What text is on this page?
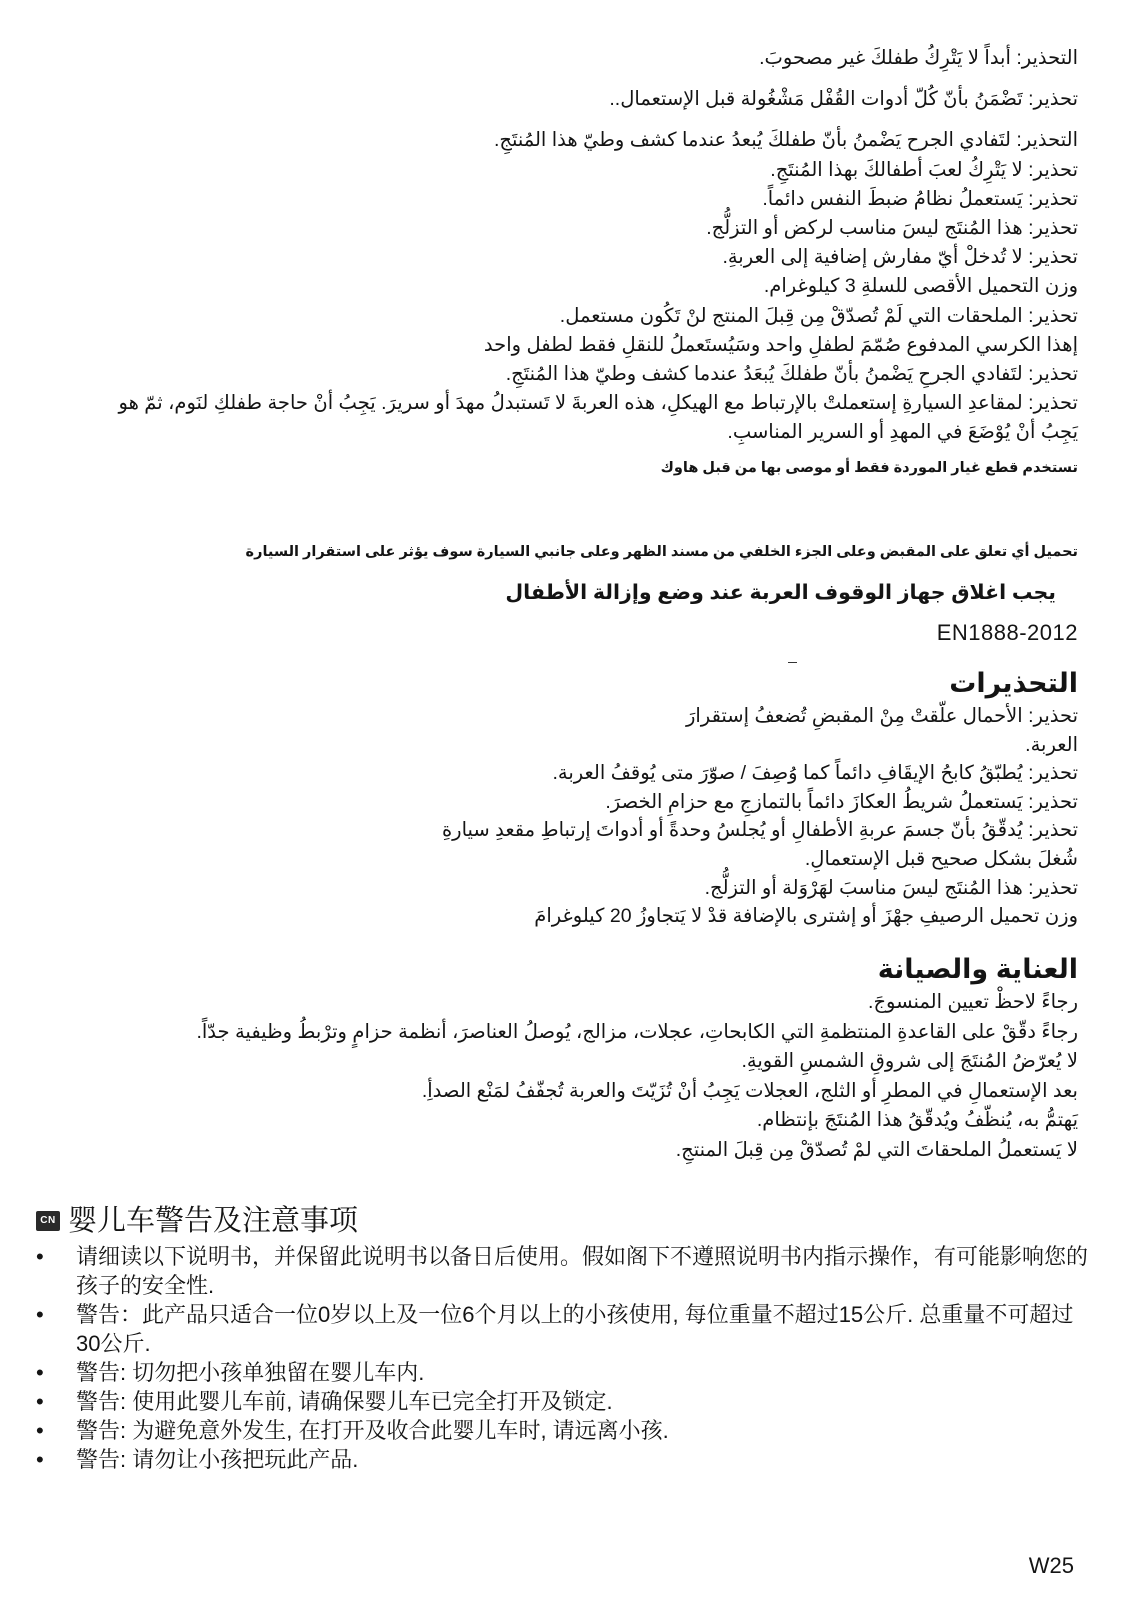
التحذير: أبداً لا يَتْرِكُ طفلكَ غير مصحوبَ.
تحذير: تَضْمَنُ بأنّ كُلّ أدوات القُفْل مَشْغُولة قبل الإستعمال..
التحذير: لتَفادي الجرح يَضْمنُ بأنّ طفلكَ يُبعدُ عندما كشف وطيّ هذا المُنتَجِ.
تحذير: لا يَتْرِكُ لعبَ أطفالكَ بهذا المُنتَجِ.
تحذير: يَستعملُ نظامُ ضبطَ النفس دائماً.
تحذير: هذا المُنتَج ليسَ مناسب لركض أو التزلُّج.
تحذير: لا تُدخلْ أيّ مفارش إضافية إلى العربةِ.
وزن التحميل الأقصى للسلةِ 3 كيلوغرام.
تحذير: الملحقات التي لَمْ تُصدّقْ مِن قِبلَ المنتج لنْ تَكُون مستعمل.
إهذا الكرسي المدفوع صُمّمَ لطفلِ واحد وسَيُستَعملُ للنقلِ فقط لطفل واحد
تحذير: لتَفادي الجرحِ يَضْمنُ بأنّ طفلكَ يُبعَدُ عندما كشف وطيّ هذا المُنتَجِ.
تحذير: لمقاعدِ السيارةِ إستعملتْ بالإرتباط مع الهيكلِ، هذه العربةَ لا تَستبدلُ مهدَ أو سريرَ. يَجِبُ أنْ حاجة طفلكِ لنَوم، ثمّ هو
يَجِبُ أنْ يُوْضَعَ في المهدِ أو السرير المناسبِ.
تستخدم قطع غيار الموردة فقط أو موصى بها من قبل هاوك
تحميل أي تعلق على المقبض وعلى الجزء الخلفي من مسند الظهر وعلى جانبي السيارة سوف يؤثر على استقرار السيارة
يجب اغلاق جهاز الوقوف العربة عند وضع وإزالة الأطفال
EN1888-2012
التحذيرات
تحذير: الأحمال علّقتْ مِنْ المقبضِ تُضعفُ إستقرارَ
العربة.
تحذير: يُطبّقُ كابحُ الإيقَافِ دائماً كما وُصِفَ / صوّرَ متى يُوقفُ العربة.
تحذير: يَستعملُ شريطُ العكازَ دائماً بالتمازجِ مع حزامِ الخصرَ.
تحذير: يُدقّقُ بأنّ جسمَ عربةِ الأطفالِ أو يُجلسُ وحدةً أو أدواتَ إرتباطِ مقعدِ سيارةِ
شُغلَ بشكل صحيح قبل الإستعمالِ.
تحذير: هذا المُنتَج ليسَ مناسبَ لهَرْوَلة أو التزلُّج.
وزن تحميل الرصيفِ جهْزَ أو إشترى بالإضافة قدْ لا يَتجاوزُ 20 كيلوغرامَ
العناية والصيانة
رجاءً لاحظْ تعيين المنسوجَ.
رجاءً دقّقْ على القاعدةِ المنتظمةِ التي الكابحاتِ، عجلات، مزالج، يُوصلُ العناصرَ، أنظمة حزامٍ وترْبطُ وظيفية جدّاً.
لا يُعرّضُ المُنتَجَ إلى شروقِ الشمسِ القويةِ.
بعد الإستعمالِ في المطرِ أو الثلج، العجلات يَجِبُ أنْ تُزَيّتَ والعربة تُجفّفُ لمَنْع الصدأِ.
يَهتمُّ به، يُنظّفُ ويُدقّقُ هذا المُنتَجَ بإنتظام.
لا يَستعملُ الملحقاتَ التي لمْ تُصدّقْ مِن قِبلَ المنتجِ.
CN 婴儿车警告及注意事项
•	请细读以下说明书，并保留此说明书以备日后使用。假如阁下不遵照说明书内指示操作，有可能影响您的孩子的安全性.
•	警告：此产品只适合一位0岁以上及一位6个月以上的小孩使用, 每位重量不超过15公斤. 总重量不可超过30公斤.
•	警告: 切勿把小孩单独留在婴儿车内.
•	警告: 使用此婴儿车前, 请确保婴儿车已完全打开及锁定.
•	警告: 为避免意外发生, 在打开及收合此婴儿车时, 请远离小孩.
•	警告: 请勿让小孩把玩此产品.
W25
